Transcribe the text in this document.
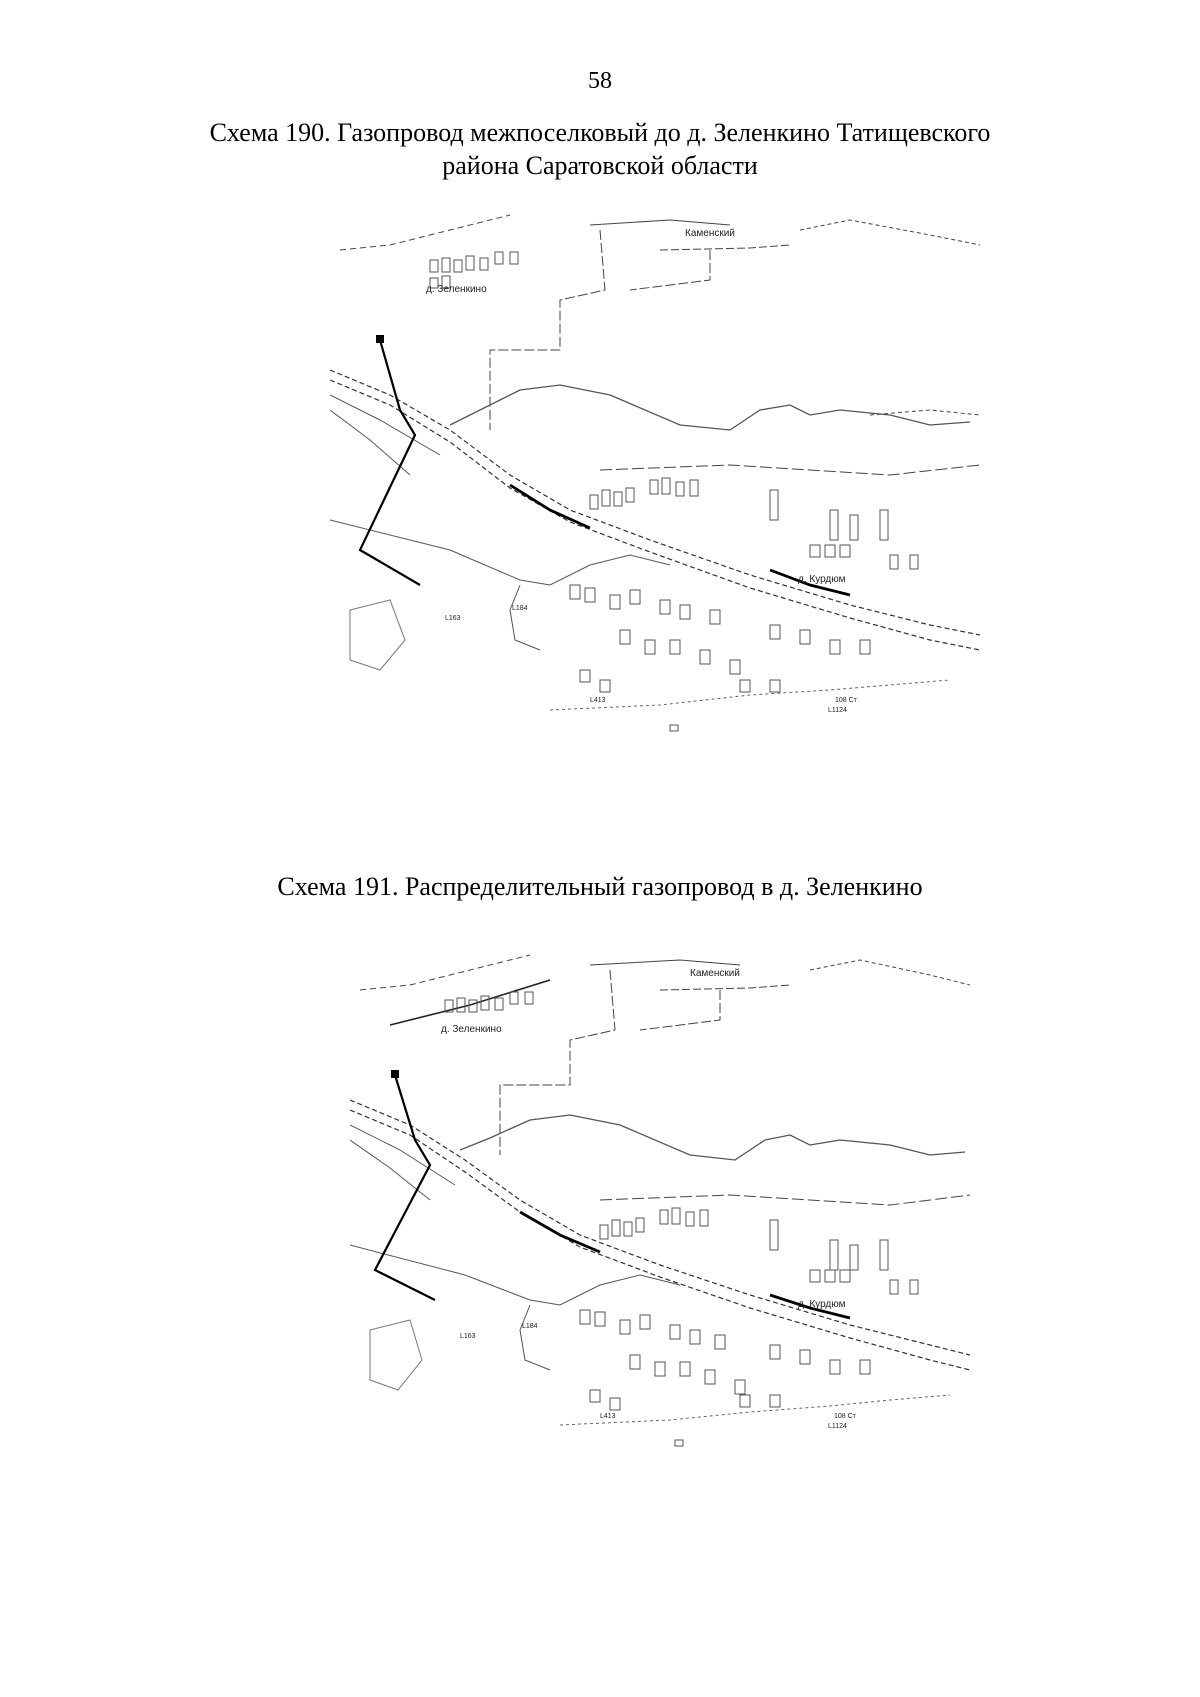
58
Схема 190. Газопровод межпоселковый до д. Зеленкино Татищевского
района Саратовской области
Каменский
д. Зеленкино
д. Курдюм
L163
L184
L413	108 Ст
L1124
Схема 191. Распределительный газопровод в д. Зеленкино
Каменский
д. Зеленкино
д. Курдюм
L163
L184
L413	108 Ст
L1124
